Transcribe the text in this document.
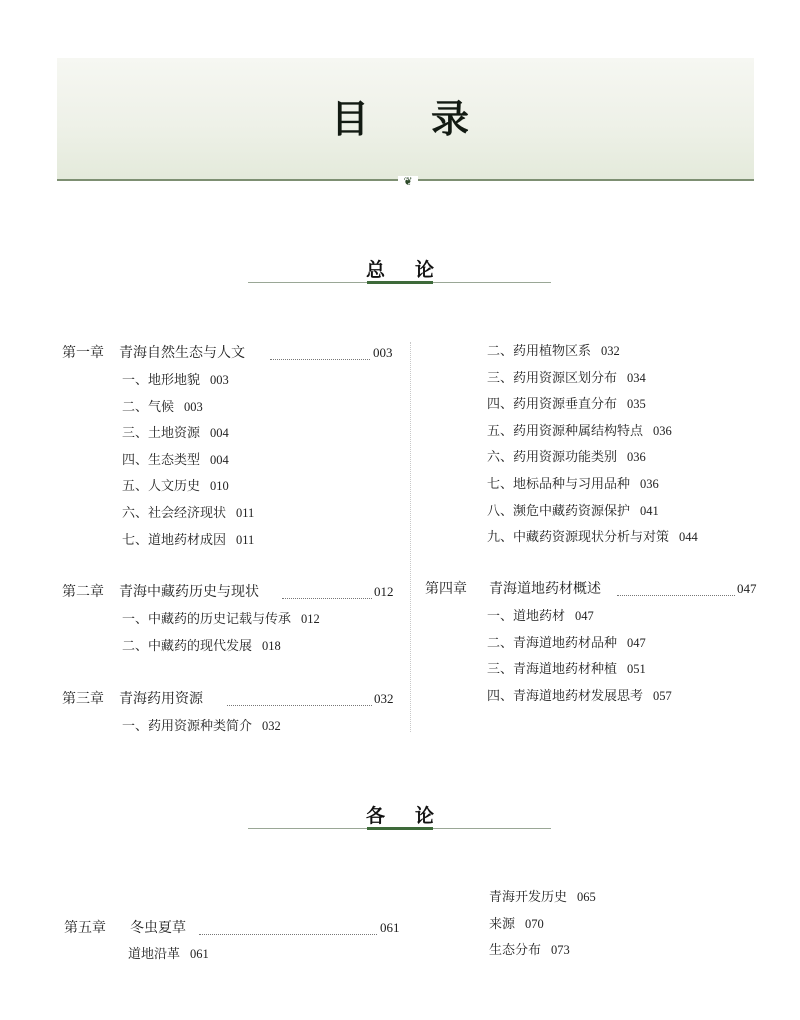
目录
❦
总论
第一章 青海自然生态与人文	003
一、地形地貌 003
二、气候 003
三、土地资源 004
四、生态类型 004
五、人文历史 010
六、社会经济现状 011
七、道地药材成因 011
第二章 青海中藏药历史与现状	012
一、中藏药的历史记载与传承 012
二、中藏药的现代发展 018
第三章 青海药用资源	032
一、药用资源种类简介 032
二、药用植物区系 032
三、药用资源区划分布 034
四、药用资源垂直分布 035
五、药用资源种属结构特点 036
六、药用资源功能类别 036
七、地标品种与习用品种 036
八、濒危中藏药资源保护 041
九、中藏药资源现状分析与对策 044
第四章 青海道地药材概述	047
一、道地药材 047
二、青海道地药材品种 047
三、青海道地药材种植 051
四、青海道地药材发展思考 057
各论
第五章 冬虫夏草	061
道地沿革 061
青海开发历史 065
来源 070
生态分布 073
